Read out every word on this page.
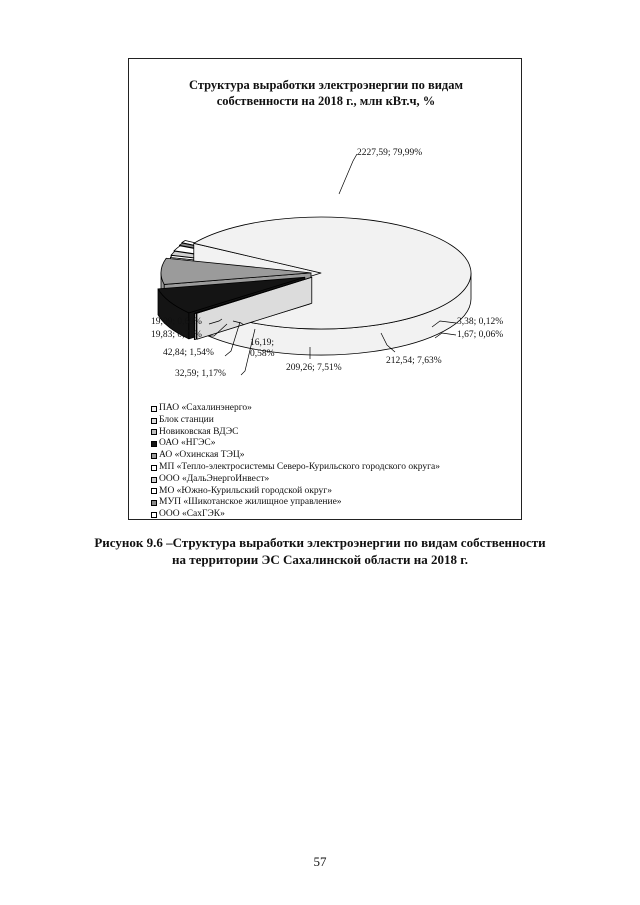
Структура выработки электроэнергии по видам
собственности на 2018 г., млн кВт.ч, %
2227,59; 79,99%
3,38; 0,12%
1,67; 0,06%
212,54; 7,63%
209,26; 7,51%
16,19;
0,58%
32,59; 1,17%
42,84; 1,54%
19,83; 0,71%
19,09; 0,69%
ПАО «Сахалинэнерго»
Блок станции
Новиковская ВДЭС
ОАО «НГЭС»
АО «Охинская ТЭЦ»
МП «Тепло-электросистемы Северо-Курильского городского округа»
ООО «ДальЭнергоИнвест»
МО «Южно-Курильский городской округ»
МУП «Шикотанское жилищное управление»
ООО «СахГЭК»
Рисунок 9.6 –Структура выработки электроэнергии по видам собственности
на территории ЭС Сахалинской области на 2018 г.
57
